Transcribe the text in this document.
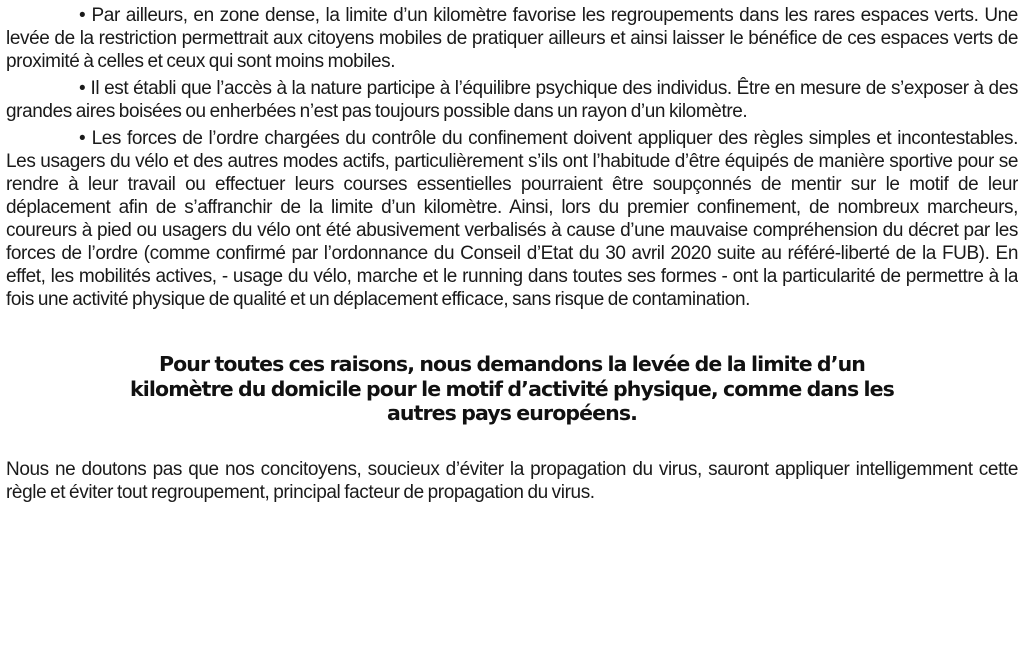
• Par ailleurs, en zone dense, la limite d’un kilomètre favorise les regroupements dans les rares espaces verts. Une levée de la restriction permettrait aux citoyens mobiles de pratiquer ailleurs et ainsi laisser le bénéfice de ces espaces verts de proximité à celles et ceux qui sont moins mobiles.

• Il est établi que l’accès à la nature participe à l’équilibre psychique des individus. Être en mesure de s’exposer à des grandes aires boisées ou enherbées n’est pas toujours possible dans un rayon d’un kilomètre.

• Les forces de l’ordre chargées du contrôle du confinement doivent appliquer des règles simples et incontestables. Les usagers du vélo et des autres modes actifs, particulièrement s’ils ont l’habitude d’être équipés de manière sportive pour se rendre à leur travail ou effectuer leurs courses essentielles pourraient être soupçonnés de mentir sur le motif de leur déplacement afin de s’affranchir de la limite d’un kilomètre. Ainsi, lors du premier confinement, de nombreux marcheurs, coureurs à pied ou usagers du vélo ont été abusivement verbalisés à cause d’une mauvaise compréhension du décret par les forces de l’ordre (comme confirmé par l’ordonnance du Conseil d’Etat du 30 avril 2020 suite au référé-liberté de la FUB). En effet, les mobilités actives, - usage du vélo, marche et le running dans toutes ses formes - ont la particularité de permettre à la fois une activité physique de qualité et un déplacement efficace, sans risque de contamination.

Pour toutes ces raisons, nous demandons la levée de la limite d’un
kilomètre du domicile pour le motif d’activité physique, comme dans les
autres pays européens.

Nous ne doutons pas que nos concitoyens, soucieux d’éviter la propagation du virus, sauront appliquer intelligemment cette règle et éviter tout regroupement, principal facteur de propagation du virus.
